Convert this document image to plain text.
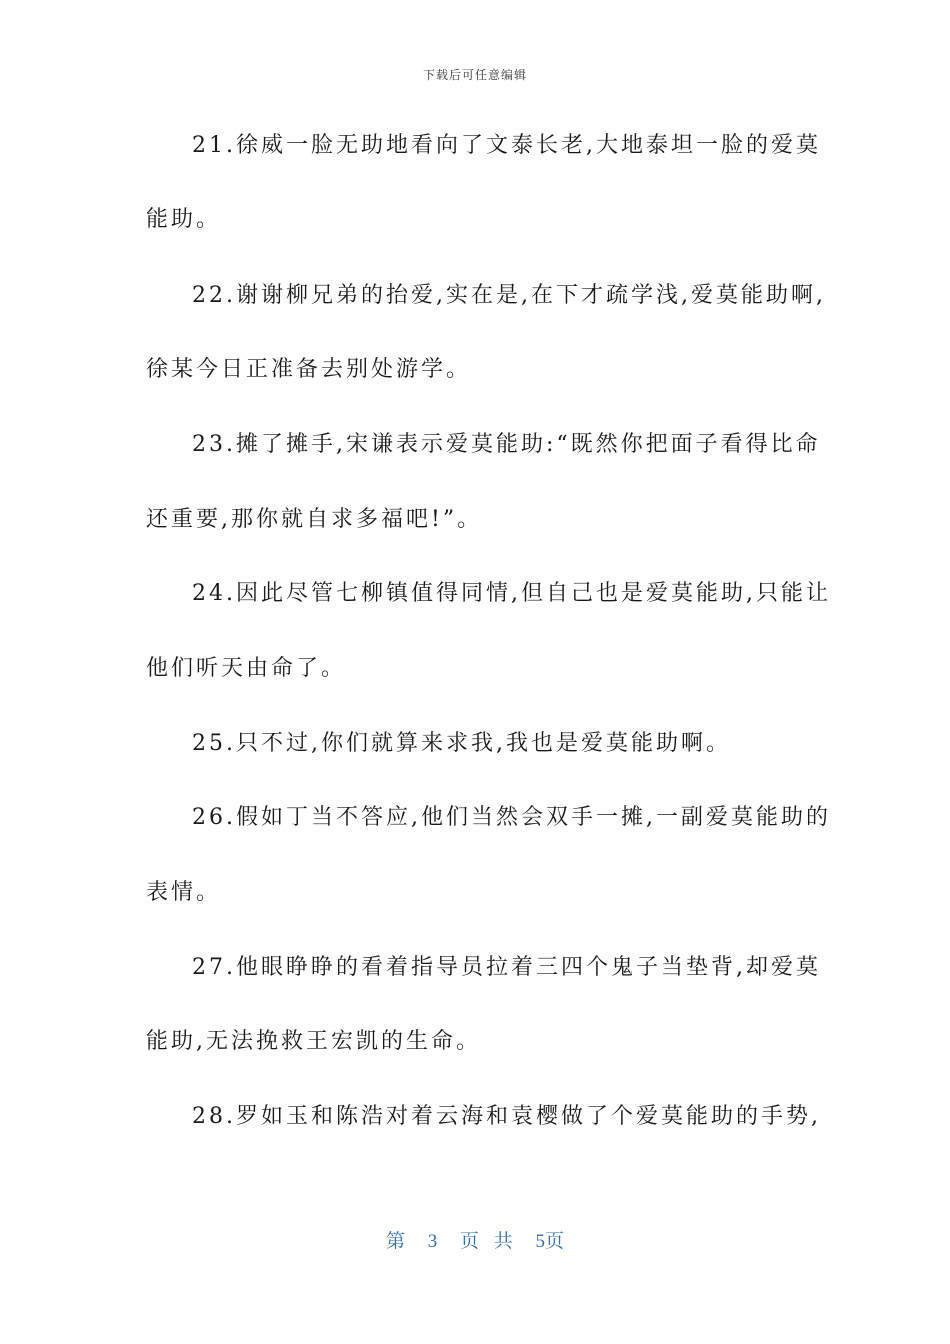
下载后可任意编辑
21.徐威一脸无助地看向了文泰长老,大地泰坦一脸的爱莫
能助。
22.谢谢柳兄弟的抬爱,实在是,在下才疏学浅,爱莫能助啊,
徐某今日正准备去别处游学。
23.摊了摊手,宋谦表示爱莫能助:“既然你把面子看得比命
还重要,那你就自求多福吧!”。
24.因此尽管七柳镇值得同情,但自己也是爱莫能助,只能让
他们听天由命了。
25.只不过,你们就算来求我,我也是爱莫能助啊。
26.假如丁当不答应,他们当然会双手一摊,一副爱莫能助的
表情。
27.他眼睁睁的看着指导员拉着三四个鬼子当垫背,却爱莫
能助,无法挽救王宏凯的生命。
28.罗如玉和陈浩对着云海和袁樱做了个爱莫能助的手势,
第 3 页 共 5页
